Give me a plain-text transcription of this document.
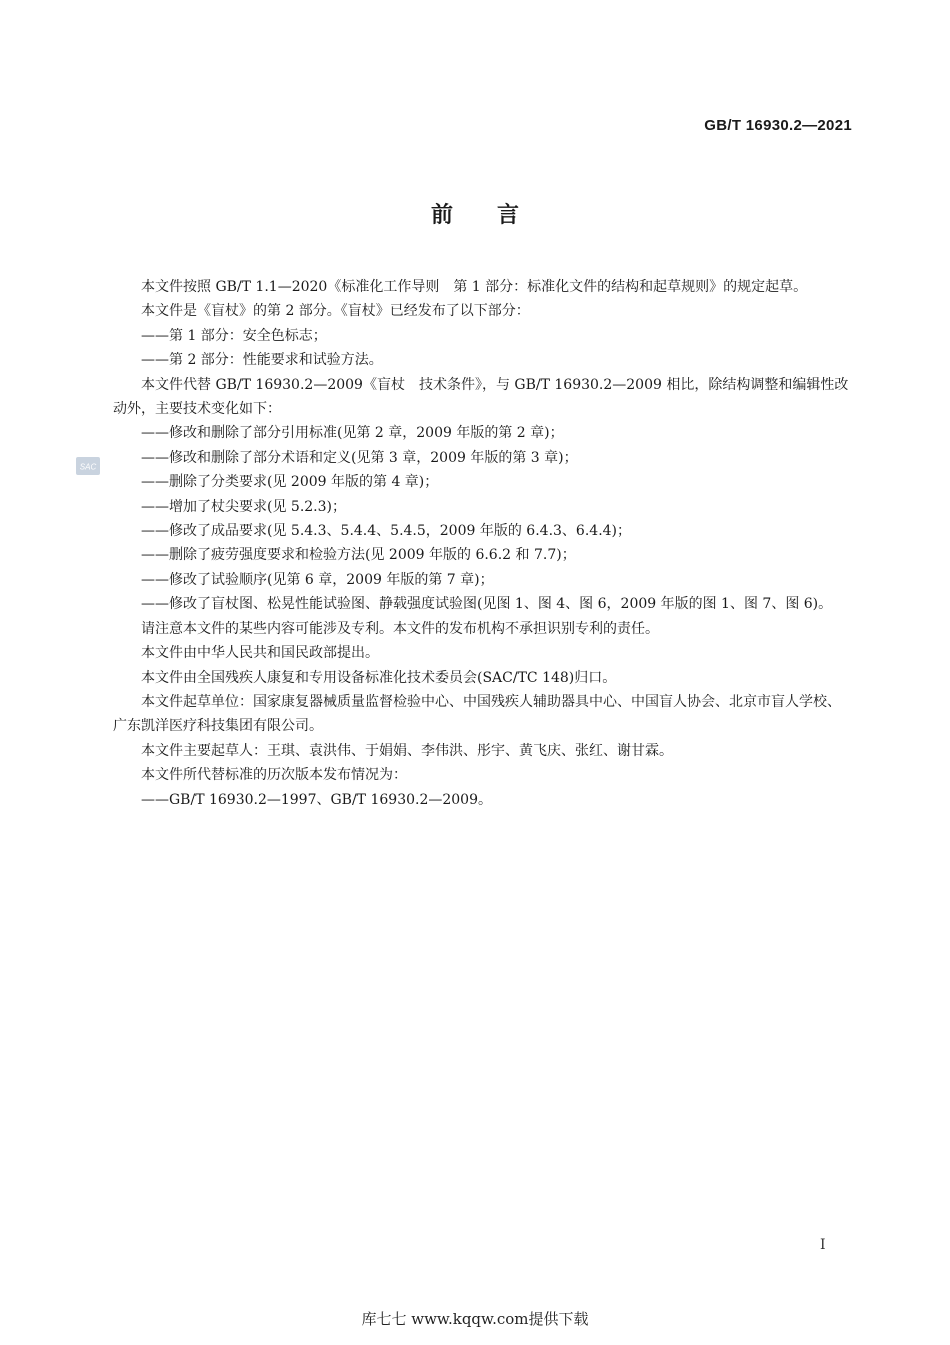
GB/T 16930.2—2021
前　　言
SAC

本文件按照 GB/T 1.1—2020《标准化工作导则　第 1 部分：标准化文件的结构和起草规则》的规定起草。

本文件是《盲杖》的第 2 部分。《盲杖》已经发布了以下部分：

——第 1 部分：安全色标志；

——第 2 部分：性能要求和试验方法。

本文件代替 GB/T 16930.2—2009《盲杖　技术条件》，与 GB/T 16930.2—2009 相比，除结构调整和编辑性改动外，主要技术变化如下：

——修改和删除了部分引用标准(见第 2 章，2009 年版的第 2 章)；

——修改和删除了部分术语和定义(见第 3 章，2009 年版的第 3 章)；

——删除了分类要求(见 2009 年版的第 4 章)；

——增加了杖尖要求(见 5.2.3)；

——修改了成品要求(见 5.4.3、5.4.4、5.4.5，2009 年版的 6.4.3、6.4.4)；

——删除了疲劳强度要求和检验方法(见 2009 年版的 6.6.2 和 7.7)；

——修改了试验顺序(见第 6 章，2009 年版的第 7 章)；

——修改了盲杖图、松晃性能试验图、静载强度试验图(见图 1、图 4、图 6，2009 年版的图 1、图 7、图 6)。

请注意本文件的某些内容可能涉及专利。本文件的发布机构不承担识别专利的责任。

本文件由中华人民共和国民政部提出。

本文件由全国残疾人康复和专用设备标准化技术委员会(SAC/TC 148)归口。

本文件起草单位：国家康复器械质量监督检验中心、中国残疾人辅助器具中心、中国盲人协会、北京市盲人学校、广东凯洋医疗科技集团有限公司。

本文件主要起草人：王琪、袁洪伟、于娟娟、李伟洪、彤宇、黄飞庆、张红、谢甘霖。

本文件所代替标准的历次版本发布情况为：

——GB/T 16930.2—1997、GB/T 16930.2—2009。

I
库七七 www.kqqw.com提供下载
